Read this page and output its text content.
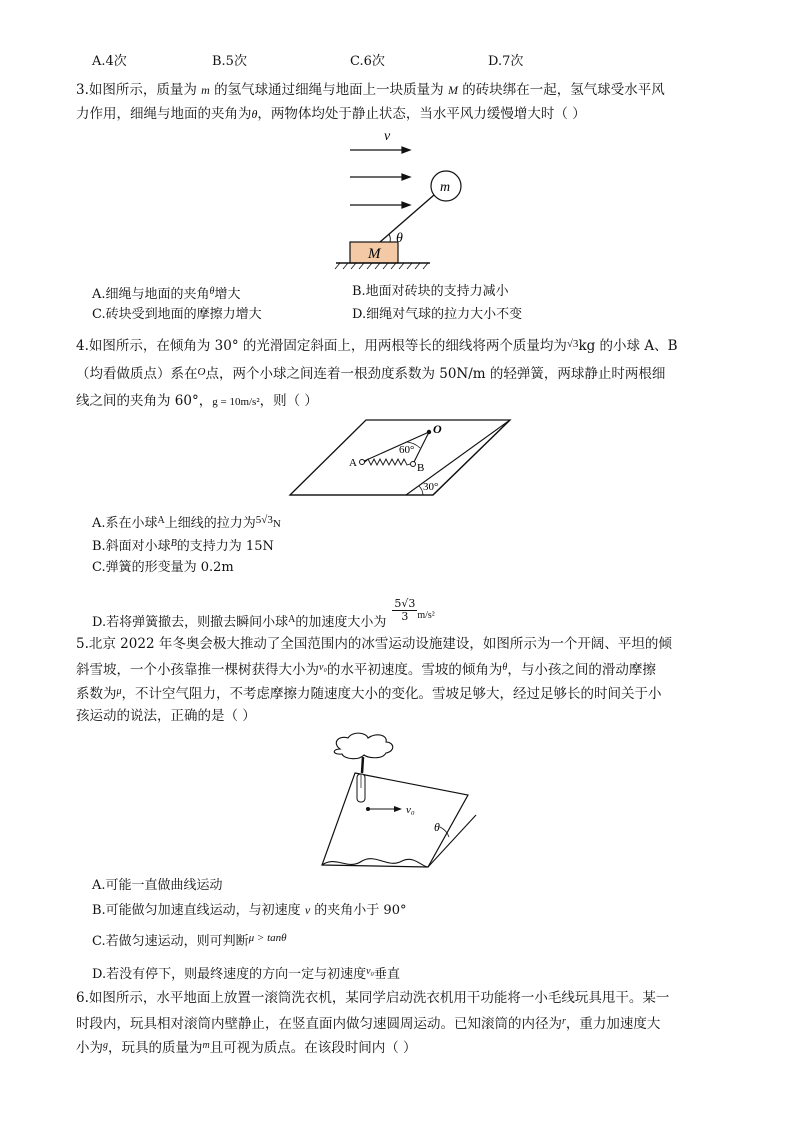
A.4次	B.5次	C.6次	D.7次
3.如图所示，质量为 m 的氢气球通过细绳与地面上一块质量为 M 的砖块绑在一起，氢气球受水平风
力作用，细绳与地面的夹角为θ，两物体均处于静止状态，当水平风力缓慢增大时（ ）
v
m
M
θ
A.细绳与地面的夹角$^\theta$增大	B.地面对砖块的支持力减小
C.砖块受到地面的摩擦力增大	D.细绳对气球的拉力大小不变
4.如图所示，在倾角为 30° 的光滑固定斜面上，用两根等长的细线将两个质量均为$^{√3}$kg 的小球 A、B
（均看做质点）系在$^O$点，两个小球之间连着一根劲度系数为 50N/m 的轻弹簧，两球静止时两根细
线之间的夹角为 60°，g = 10m/s²，则（ ）
O
60°
A	B
30°
A.系在小球$^A$上细线的拉力为$^{5√3}$N
B.斜面对小球$^B$的支持力为 15N
C.弹簧的形变量为 0.2m
D.若将弹簧撤去，则撤去瞬间小球$^A$的加速度大小为 $\frac{5√3}{3} ^{m/s^2}$
5.北京 2022 年冬奥会极大推动了全国范围内的冰雪运动设施建设，如图所示为一个开阔、平坦的倾
斜雪坡，一个小孩靠推一棵树获得大小为$^{v_0}$的水平初速度。雪坡的倾角为$^\theta$，与小孩之间的滑动摩擦
系数为$^\mu$，不计空气阻力，不考虑摩擦力随速度大小的变化。雪坡足够大，经过足够长的时间关于小
孩运动的说法，正确的是（ ）
v₀
θ
A.可能一直做曲线运动
B.可能做匀加速直线运动，与初速度 v 的夹角小于 90°
C.若做匀速运动，则可判断$^{\mu > tan\theta}$
D.若没有停下，则最终速度的方向一定与初速度$^{v_0}$垂直
6.如图所示，水平地面上放置一滚筒洗衣机，某同学启动洗衣机用干功能将一小毛线玩具甩干。某一
时段内，玩具相对滚筒内壁静止，在竖直面内做匀速圆周运动。已知滚筒的内径为$^r$，重力加速度大
小为$^g$，玩具的质量为$^m$且可视为质点。在该段时间内（ ）
